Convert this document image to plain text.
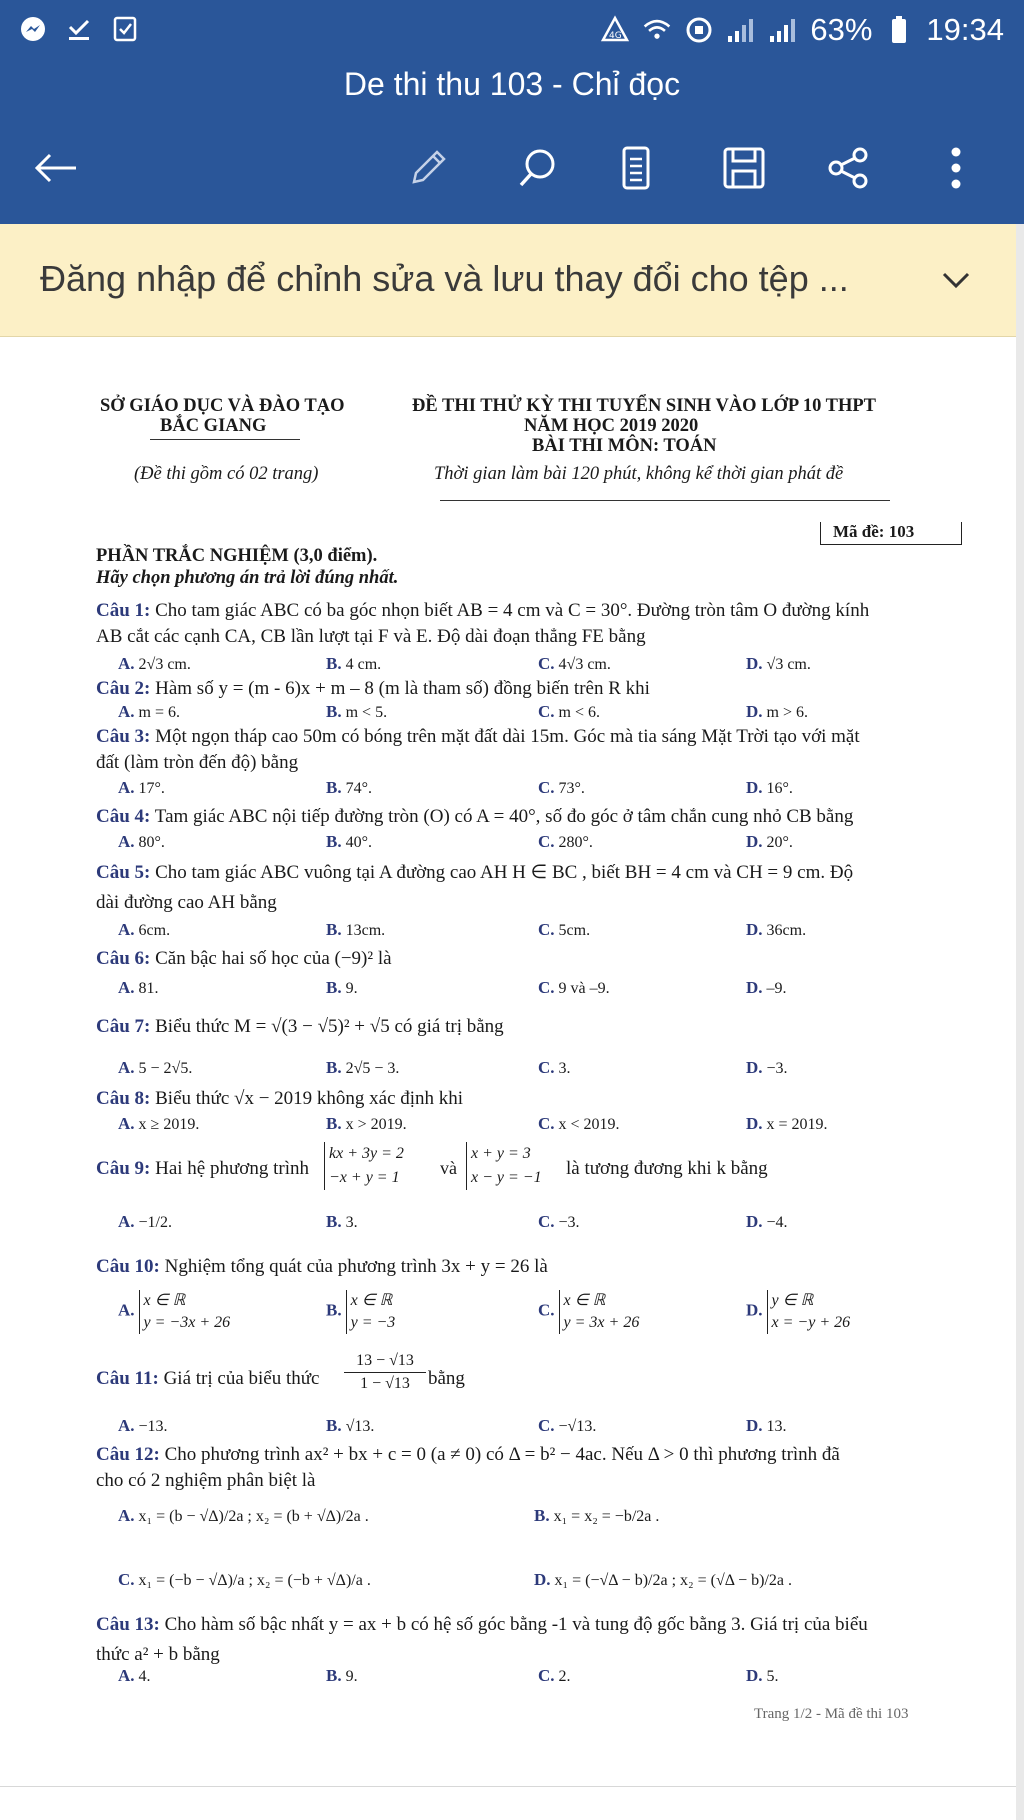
4G	63% 19:34
De thi thu 103 - Chỉ đọc
Đăng nhập để chỉnh sửa và lưu thay đổi cho tệp ...
SỞ GIÁO DỤC VÀ ĐÀO TẠO
BẮC GIANG
(Đề thi gồm có 02 trang)
ĐỀ THI THỬ KỲ THI TUYỂN SINH VÀO LỚP 10 THPT
NĂM HỌC 2019 2020
BÀI THI MÔN: TOÁN
Thời gian làm bài 120 phút, không kể thời gian phát đề
Mã đề: 103
PHẦN TRẮC NGHIỆM (3,0 điểm).
Hãy chọn phương án trả lời đúng nhất.
Câu 1: Cho tam giác ABC có ba góc nhọn biết AB = 4 cm và C = 30°. Đường tròn tâm O đường kính
AB cắt các cạnh CA, CB lần lượt tại F và E. Độ dài đoạn thẳng FE bằng
A. 2√3 cm.	B. 4 cm.	C. 4√3 cm.	D. √3 cm.
Câu 2: Hàm số y = (m - 6)x + m – 8 (m là tham số) đồng biến trên R khi
A. m = 6.	B. m < 5.	C. m < 6.	D. m > 6.
Câu 3: Một ngọn tháp cao 50m có bóng trên mặt đất dài 15m. Góc mà tia sáng Mặt Trời tạo với mặt
đất (làm tròn đến độ) bằng
A. 17°.	B. 74°.	C. 73°.	D. 16°.
Câu 4: Tam giác ABC nội tiếp đường tròn (O) có A = 40°, số đo góc ở tâm chắn cung nhỏ CB bằng
A. 80°.	B. 40°.	C. 280°.	D. 20°.
Câu 5: Cho tam giác ABC vuông tại A đường cao AH H ∈ BC , biết BH = 4 cm và CH = 9 cm. Độ
dài đường cao AH bằng
A. 6cm.	B. 13cm.	C. 5cm.	D. 36cm.
Câu 6: Căn bậc hai số học của (−9)² là
A. 81.	B. 9.	C. 9 và –9.	D. –9.
Câu 7: Biểu thức M = √(3 − √5)² + √5 có giá trị bằng
A. 5 − 2√5.	B. 2√5 − 3.	C. 3.	D. −3.
Câu 8: Biểu thức √x − 2019 không xác định khi
A. x ≥ 2019.	B. x > 2019.	C. x < 2019.	D. x = 2019.
Câu 9: Hai hệ phương trình
kx + 3y = 2
−x + y = 1 và
x + y = 3
x − y = −1 là tương đương khi k bằng
A. −1/2.	B. 3.	C. −3.	D. −4.
Câu 10: Nghiệm tổng quát của phương trình 3x + y = 26 là
A. x ∈ ℝ
y = −3x + 26
B. x ∈ ℝ
y = −3
C. x ∈ ℝ
y = 3x + 26
D. y ∈ ℝ
x = −y + 26
Câu 11: Giá trị của biểu thức
13 − √13
1 − √13 bằng
A. −13.	B. √13.	C. −√13.	D. 13.
Câu 12: Cho phương trình ax² + bx + c = 0 (a ≠ 0) có Δ = b² − 4ac. Nếu Δ > 0 thì phương trình đã
cho có 2 nghiệm phân biệt là
A. x₁ = (b − √Δ)/2a ; x₂ = (b + √Δ)/2a .	B. x₁ = x₂ = −b/2a .
C. x₁ = (−b − √Δ)/a ; x₂ = (−b + √Δ)/a .	D. x₁ = (−√Δ − b)/2a ; x₂ = (√Δ − b)/2a .
Câu 13: Cho hàm số bậc nhất y = ax + b có hệ số góc bằng -1 và tung độ gốc bằng 3. Giá trị của biểu
thức a² + b bằng
A. 4.	B. 9.	C. 2.	D. 5.
Trang 1/2 - Mã đề thi 103
